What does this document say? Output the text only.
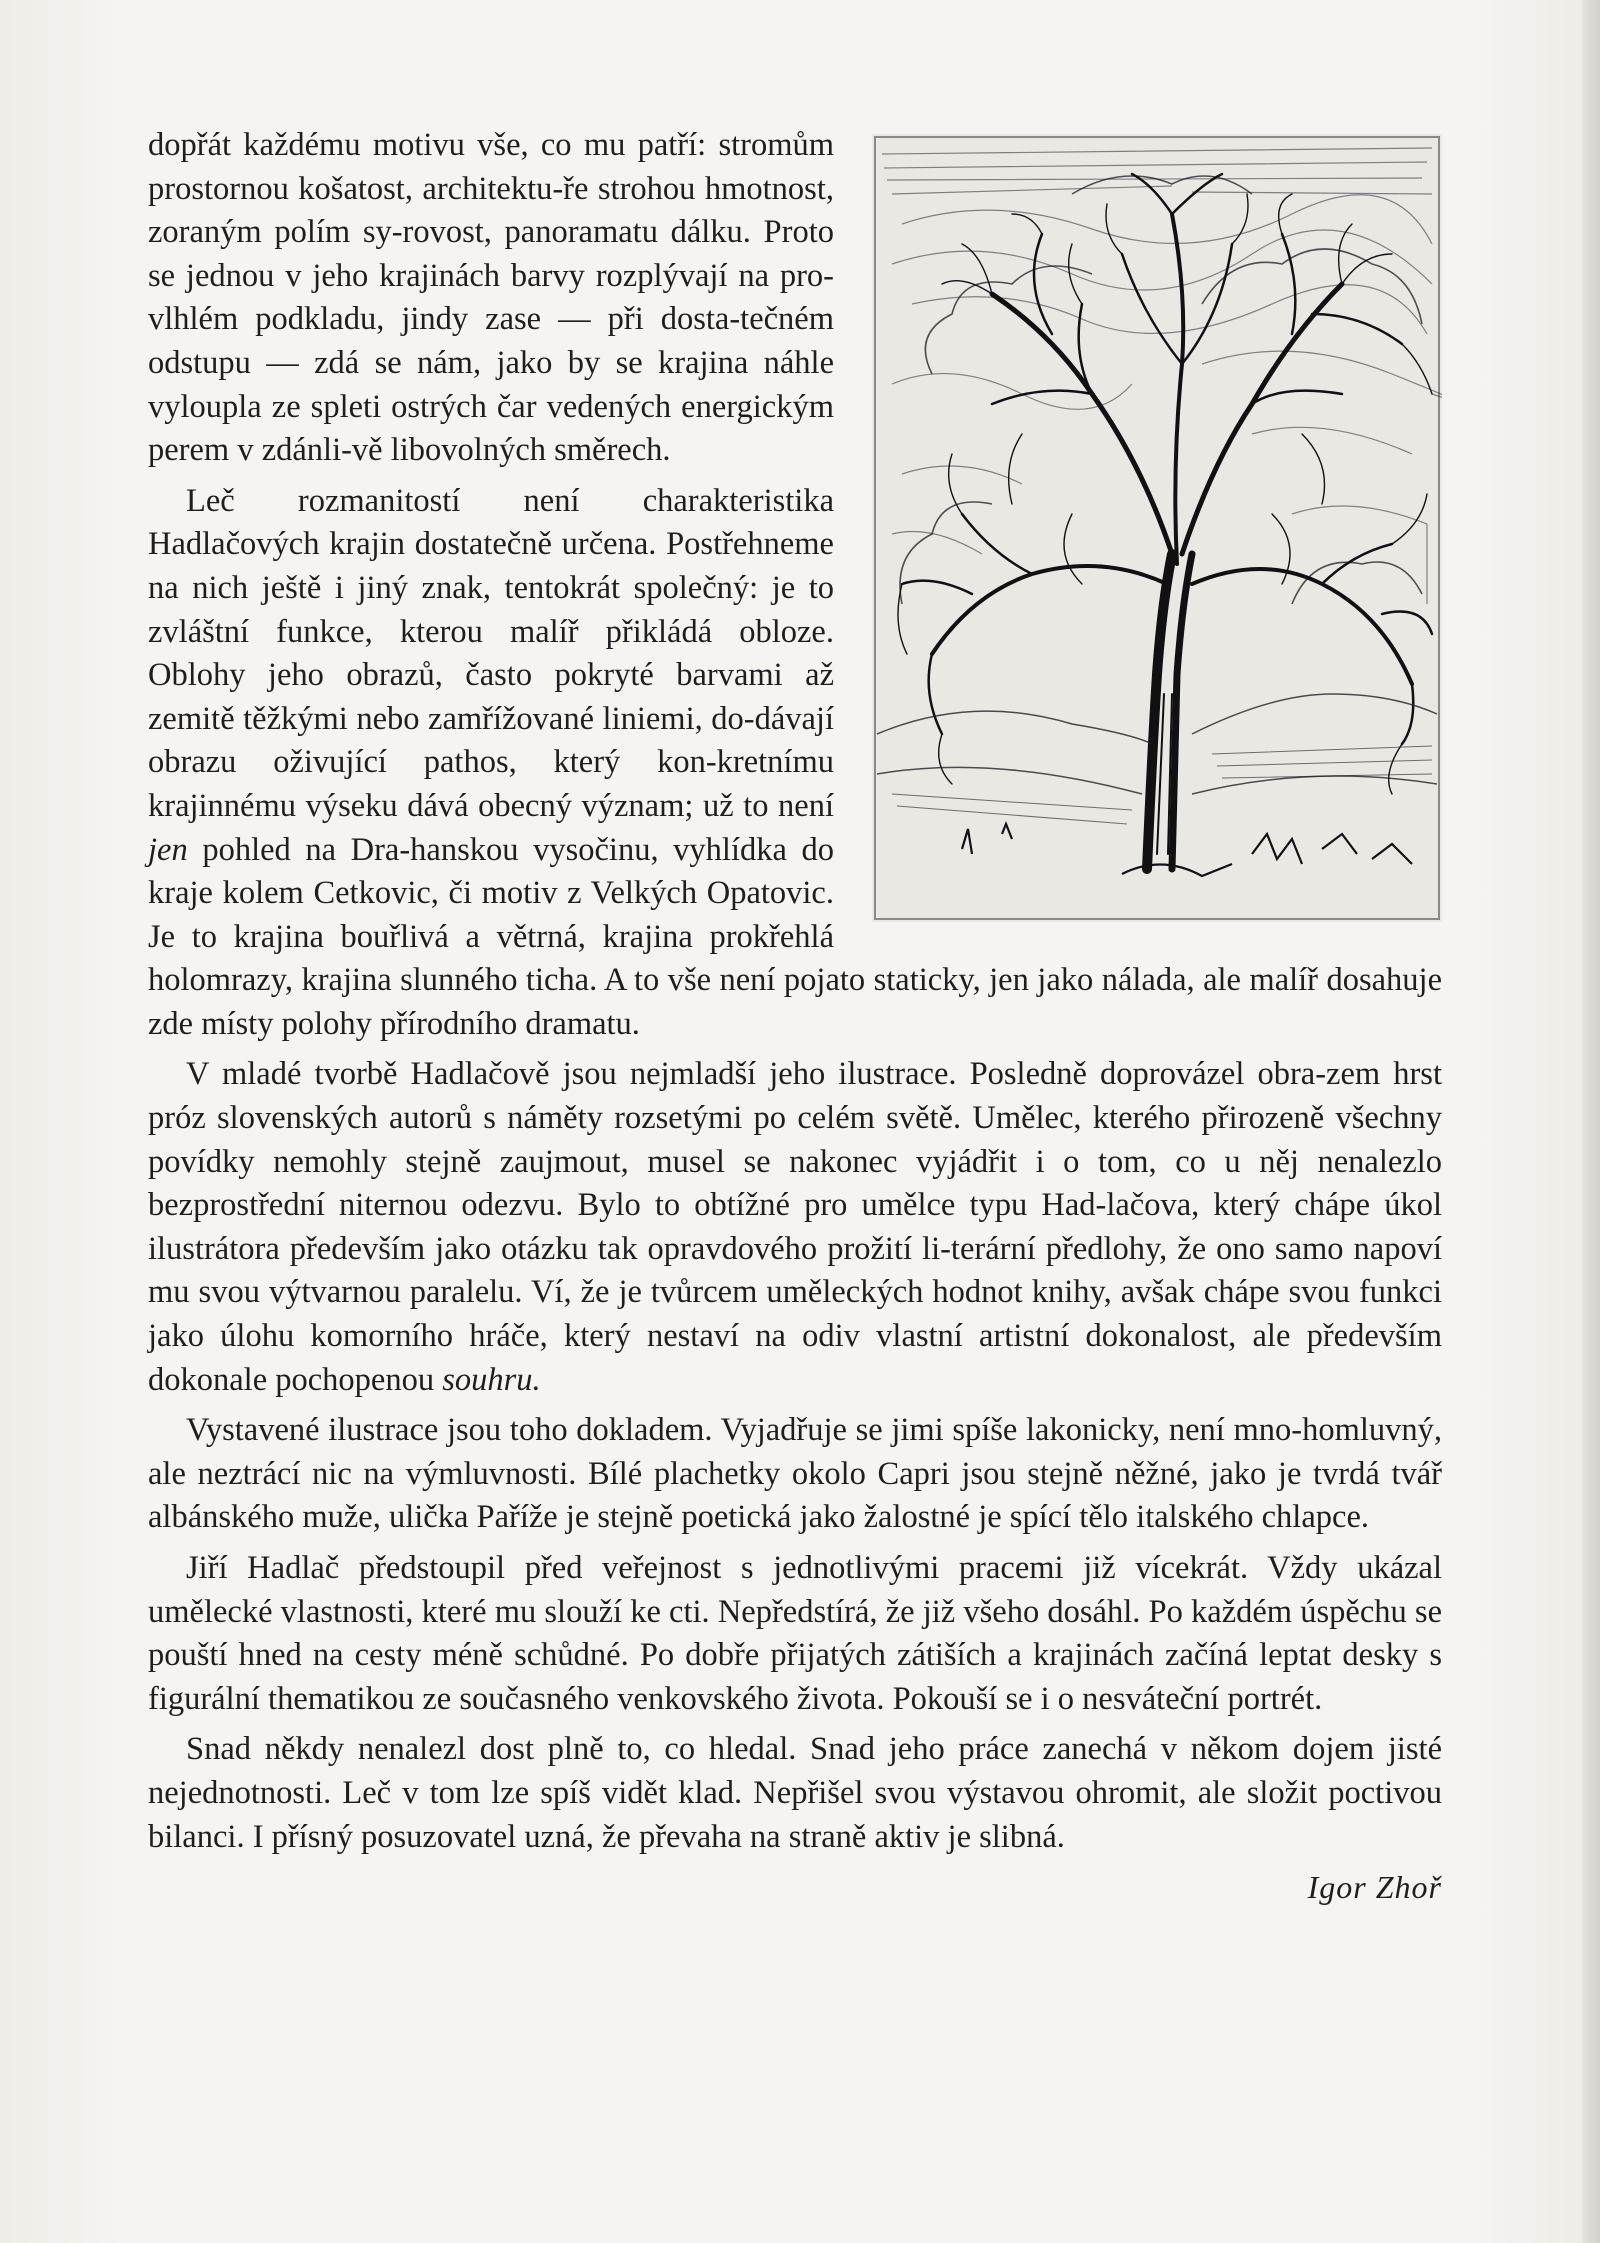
dopřát každému motivu vše, co mu patří: stromům prostornou košatost, architektu-ře strohou hmotnost, zoraným polím sy-rovost, panoramatu dálku. Proto se jednou v jeho krajinách barvy rozplývají na pro-vlhlém podkladu, jindy zase — při dosta-tečném odstupu — zdá se nám, jako by se krajina náhle vyloupla ze spleti ostrých čar vedených energickým perem v zdánli-vě libovolných směrech.

Leč rozmanitostí není charakteristika Hadlačových krajin dostatečně určena. Postřehneme na nich ještě i jiný znak, tentokrát společný: je to zvláštní funkce, kterou malíř přikládá obloze. Oblohy jeho obrazů, často pokryté barvami až zemitě těžkými nebo zamřížované liniemi, do-dávají obrazu oživující pathos, který kon-kretnímu krajinnému výseku dává obecný význam; už to není jen pohled na Dra-hanskou vysočinu, vyhlídka do kraje kolem Cetkovic, či motiv z Velkých Opatovic. Je to krajina bouřlivá a větrná, krajina prokřehlá holomrazy, krajina slunného ticha. A to vše není pojato staticky, jen jako nálada, ale malíř dosahuje zde místy polohy přírodního dramatu.

V mladé tvorbě Hadlačově jsou nejmladší jeho ilustrace. Posledně doprovázel obra-zem hrst próz slovenských autorů s náměty rozsetými po celém světě. Umělec, kterého přirozeně všechny povídky nemohly stejně zaujmout, musel se nakonec vyjádřit i o tom, co u něj nenalezlo bezprostřední niternou odezvu. Bylo to obtížné pro umělce typu Had-lačova, který chápe úkol ilustrátora především jako otázku tak opravdového prožití li-terární předlohy, že ono samo napoví mu svou výtvarnou paralelu. Ví, že je tvůrcem uměleckých hodnot knihy, avšak chápe svou funkci jako úlohu komorního hráče, který nestaví na odiv vlastní artistní dokonalost, ale především dokonale pochopenou souhru.

Vystavené ilustrace jsou toho dokladem. Vyjadřuje se jimi spíše lakonicky, není mno-homluvný, ale neztrácí nic na výmluvnosti. Bílé plachetky okolo Capri jsou stejně něžné, jako je tvrdá tvář albánského muže, ulička Paříže je stejně poetická jako žalostné je spící tělo italského chlapce.

Jiří Hadlač předstoupil před veřejnost s jednotlivými pracemi již vícekrát. Vždy ukázal umělecké vlastnosti, které mu slouží ke cti. Nepředstírá, že již všeho dosáhl. Po každém úspěchu se pouští hned na cesty méně schůdné. Po dobře přijatých zátiších a krajinách začíná leptat desky s figurální thematikou ze současného venkovského života. Pokouší se i o nesváteční portrét.

Snad někdy nenalezl dost plně to, co hledal. Snad jeho práce zanechá v někom dojem jisté nejednotnosti. Leč v tom lze spíš vidět klad. Nepřišel svou výstavou ohromit, ale složit poctivou bilanci. I přísný posuzovatel uzná, že převaha na straně aktiv je slibná.

Igor Zhoř
